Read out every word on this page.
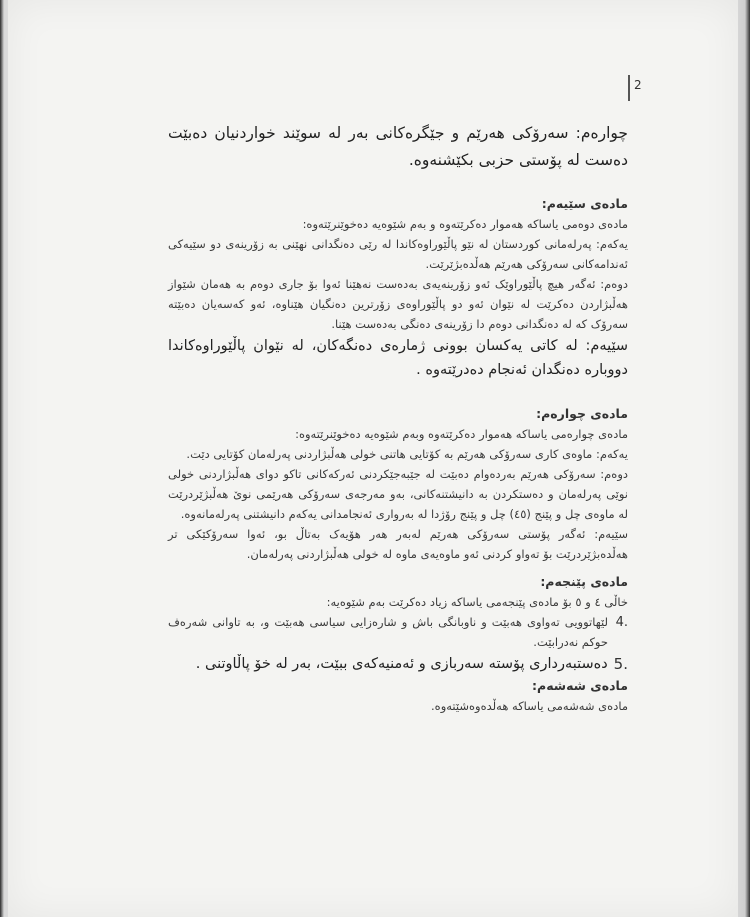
2

چوارەم: سەرۆکی هەرێم و جێگرەکانی بەر لە سوێند خواردنیان دەبێت دەست لە پۆستی حزبی بکێشنەوە.

مادەی سێیەم:

مادەی دوەمی یاساکە هەموار دەکرێتەوە و بەم شێوەیە دەخوێنرێتەوە:

یەکەم: پەرلەمانی کوردستان لە نێو پاڵێوراوەکاندا لە رێی دەنگدانی نهێنی بە زۆرینەی دو سێیەکی ئەندامەکانی سەرۆکی هەرێم هەڵدەبژێرێت.

دوەم: ئەگەر هیچ پاڵێوراوێک ئەو زۆرینەیەی بەدەست نەهێنا ئەوا بۆ جاری دوەم بە هەمان شێواز هەڵبژاردن دەکرێت لە نێوان ئەو دو پاڵێوراوەی زۆرترین دەنگیان هێناوە، ئەو کەسەیان دەبێتە سەرۆک کە لە دەنگدانی دوەم دا زۆرینەی دەنگی بەدەست هێنا.

سێیەم: لە کاتی یەکسان بوونی ژمارەی دەنگەکان، لە نێوان پاڵێوراوەکاندا دووبارە دەنگدان ئەنجام دەدرێتەوە .

مادەی چوارەم:

مادەی چوارەمی یاساکە هەموار دەکرێتەوە وبەم شێوەیە دەخوێنرێتەوە:

یەکەم: ماوەی کاری سەرۆکی هەرێم بە کۆتایی هاتنی خولی هەڵبژاردنی پەرلەمان کۆتایی دێت.

دوەم: سەرۆکی هەرێم بەردەوام دەبێت لە جێبەجێکردنی ئەرکەکانی تاکو دوای هەڵبژاردنی خولی نوێی پەرلەمان و دەستکردن بە دانیشتنەکانی، بەو مەرجەی سەرۆکی هەرێمی نوێ هەڵبژێردرێت لە ماوەی چل و پێنج (٤٥) چل و پێنج رۆژدا لە بەرواری ئەنجامدانی یەکەم دانیشتنی پەرلەمانەوە.

سێیەم: ئەگەر پۆستی سەرۆکی هەرێم لەبەر هەر هۆیەک بەتاڵ بو، ئەوا سەرۆکێکی تر هەڵدەبژێردرێت بۆ تەواو کردنی ئەو ماوەیەی ماوە لە خولی هەڵبژاردنی پەرلەمان.

مادەی پێنجەم:

خاڵی ٤ و ٥ بۆ مادەی پێنجەمی یاساکە زیاد دەکرێت بەم شێوەیە:

.4
لێهاتوویی تەواوی هەبێت و ناوبانگی باش و شارەزایی سیاسی هەبێت و، بە تاوانی شەرەف حوکم نەدرابێت.
.5
دەستبەرداری پۆستە سەربازی و ئەمنیەکەی ببێت، بەر لە خۆ پاڵاوتنی .

مادەی شەشەم:

مادەی شەشەمی یاساکە هەڵدەوەشێتەوە.
